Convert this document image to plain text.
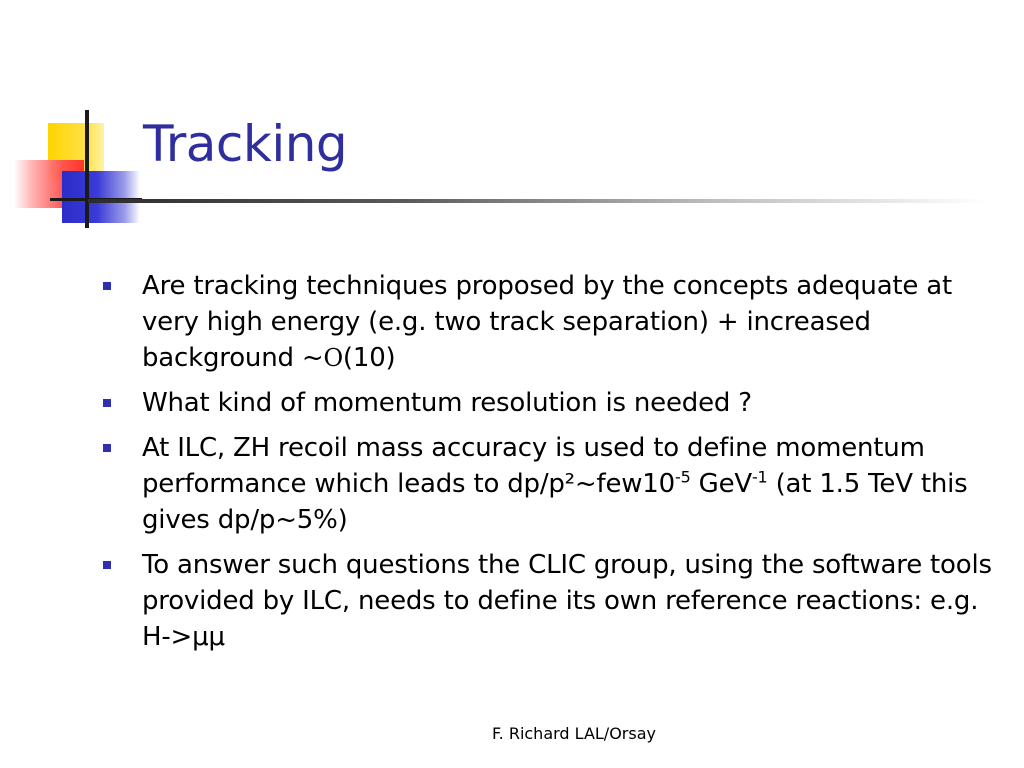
Tracking
Are tracking techniques proposed by the concepts adequate at very high energy (e.g. two track separation) + increased background ~O(10)
What kind of momentum resolution is needed ?
At ILC, ZH recoil mass accuracy is used to define momentum performance which leads to $dp/p^2\sim few10^{-5}$ GeV$^{-1}$ (at 1.5 TeV this gives dp/p~5%)
To answer such questions the CLIC group, using the software tools provided by ILC, needs to define its own reference reactions: e.g. H->μμ
F. Richard LAL/Orsay
